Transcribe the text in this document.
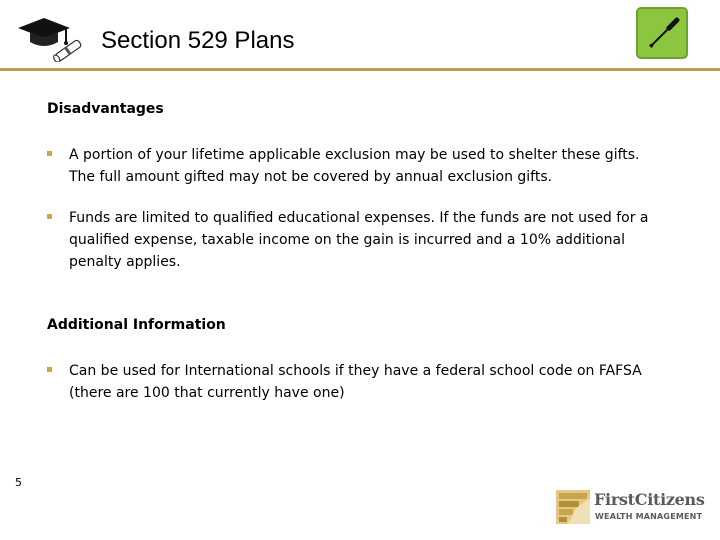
Section 529 Plans
Disadvantages
A portion of your lifetime applicable exclusion may be used to shelter these gifts. The full amount gifted may not be covered by annual exclusion gifts.
Funds are limited to qualified educational expenses. If the funds are not used for a qualified expense, taxable income on the gain is incurred and a 10% additional penalty applies.
Additional Information
Can be used for International schools if they have a federal school code on FAFSA (there are 100 that currently have one)
5
FirstCitizens
WEALTH MANAGEMENT
